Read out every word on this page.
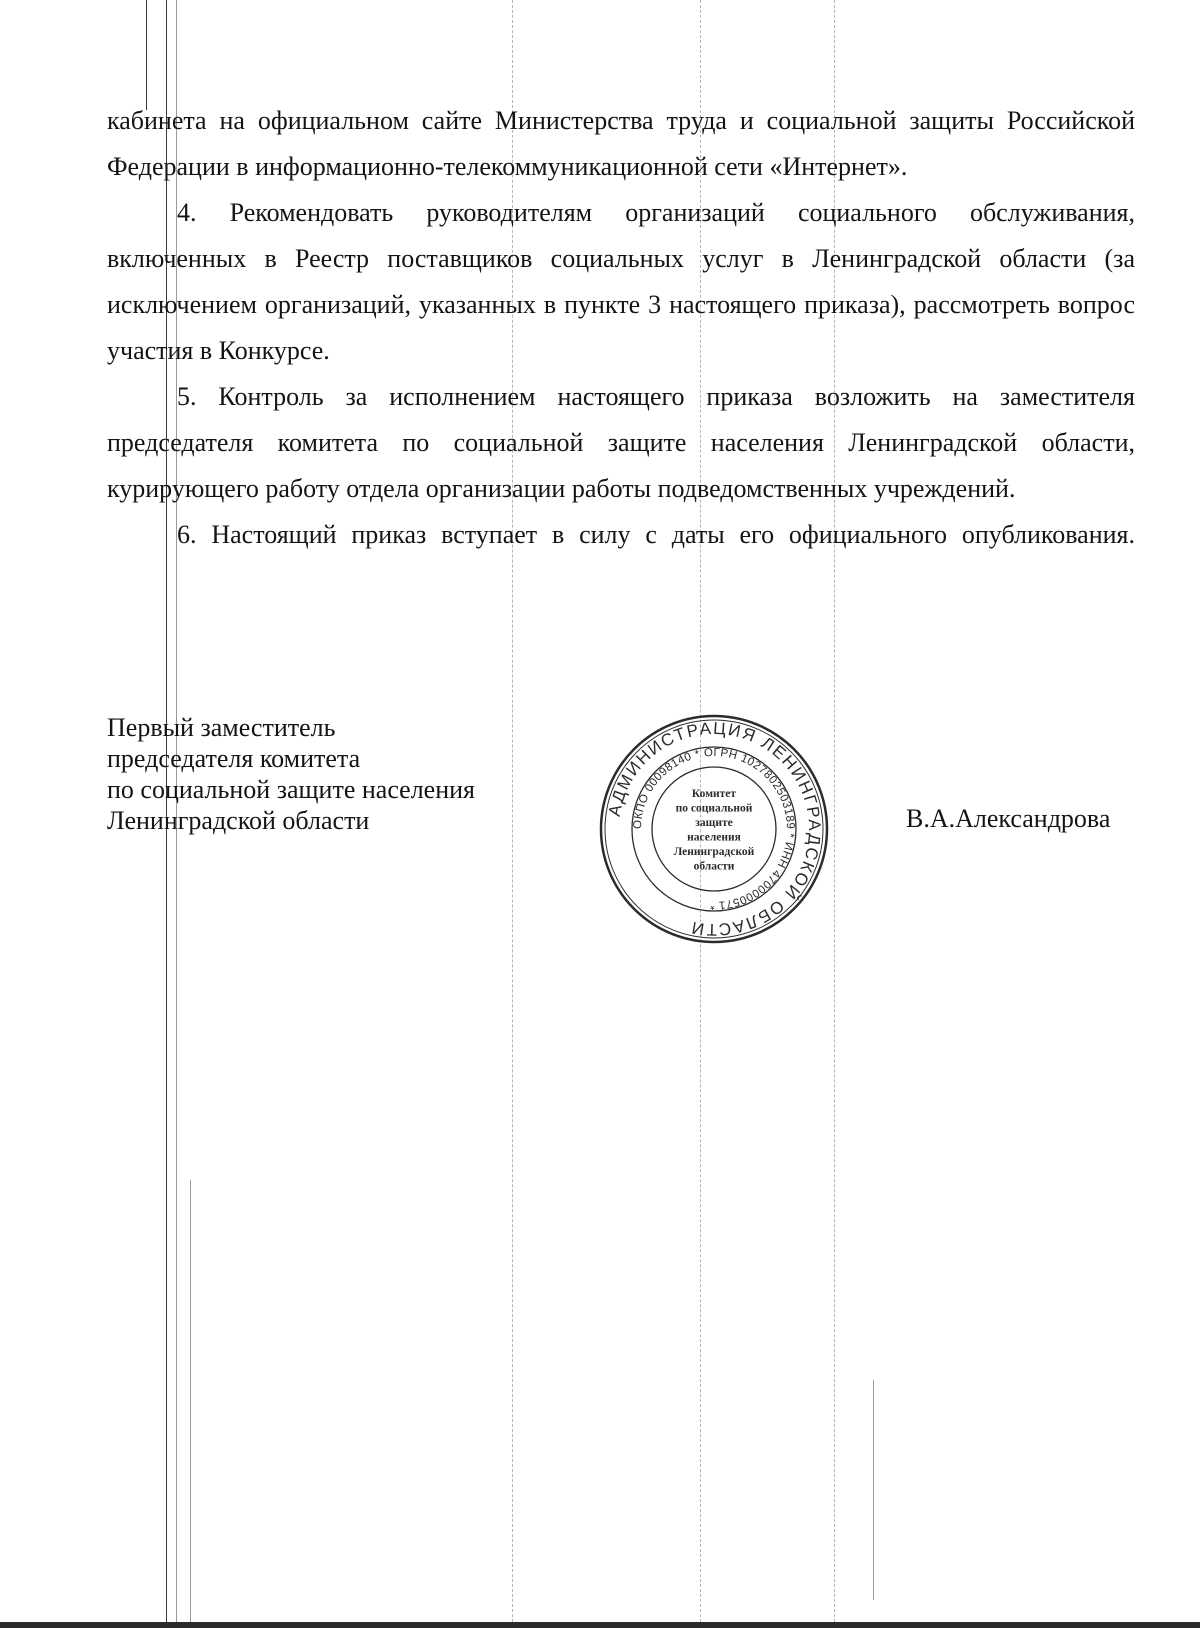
кабинета на официальном сайте Министерства труда и социальной защиты Российской Федерации в информационно-телекоммуникационной сети «Интернет».

4. Рекомендовать руководителям организаций социального обслуживания, включенных в Реестр поставщиков социальных услуг в Ленинградской области (за исключением организаций, указанных в пункте 3 настоящего приказа), рассмотреть вопрос участия в Конкурсе.

5. Контроль за исполнением настоящего приказа возложить на заместителя председателя комитета по социальной защите населения Ленинградской области, курирующего работу отдела организации работы подведомственных учреждений.

6. Настоящий приказ вступает в силу с даты его официального опубликования.

Первый заместитель
председателя комитета
по социальной защите населения
Ленинградской области	АДМИНИСТРАЦИЯ ЛЕНИНГРАДСКОЙ ОБЛАСТИ
ОКПО 00098140 * ОГРН 1027802503189 * ИНН 4700000571 *
Комитет
по социальной
защите
населения
Ленинградской
области
В.А.Александрова
